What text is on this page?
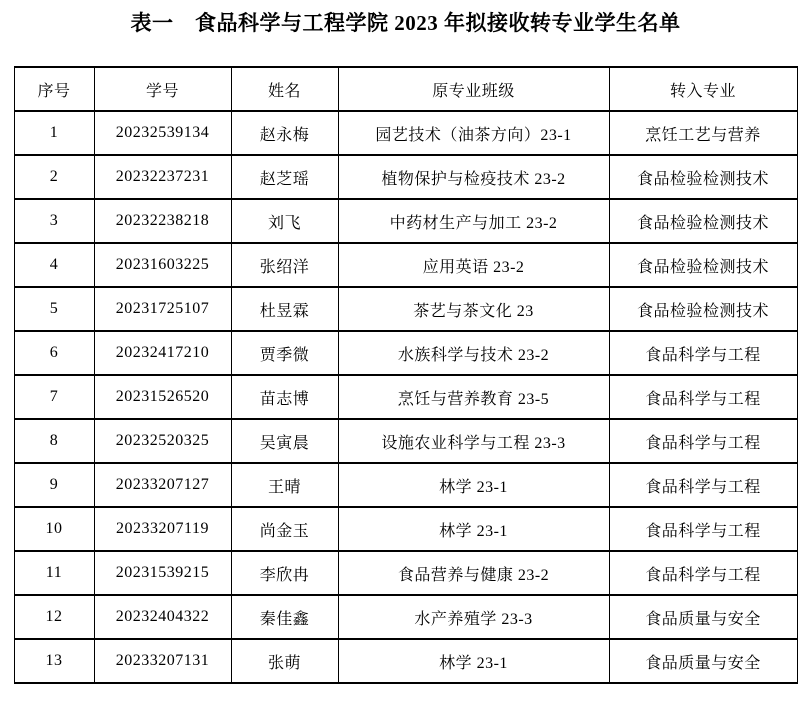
表一　食品科学与工程学院 2023 年拟接收转专业学生名单
序号	学号	姓名	原专业班级	转入专业
1	20232539134	赵永梅	园艺技术（油茶方向）23-1	烹饪工艺与营养
2	20232237231	赵芝瑶	植物保护与检疫技术 23-2	食品检验检测技术
3	20232238218	刘飞	中药材生产与加工 23-2	食品检验检测技术
4	20231603225	张绍洋	应用英语 23-2	食品检验检测技术
5	20231725107	杜昱霖	茶艺与茶文化 23	食品检验检测技术
6	20232417210	贾季微	水族科学与技术 23-2	食品科学与工程
7	20231526520	苗志博	烹饪与营养教育 23-5	食品科学与工程
8	20232520325	吴寅晨	设施农业科学与工程 23-3	食品科学与工程
9	20233207127	王晴	林学 23-1	食品科学与工程
10	20233207119	尚金玉	林学 23-1	食品科学与工程
11	20231539215	李欣冉	食品营养与健康 23-2	食品科学与工程
12	20232404322	秦佳鑫	水产养殖学 23-3	食品质量与安全
13	20233207131	张萌	林学 23-1	食品质量与安全
